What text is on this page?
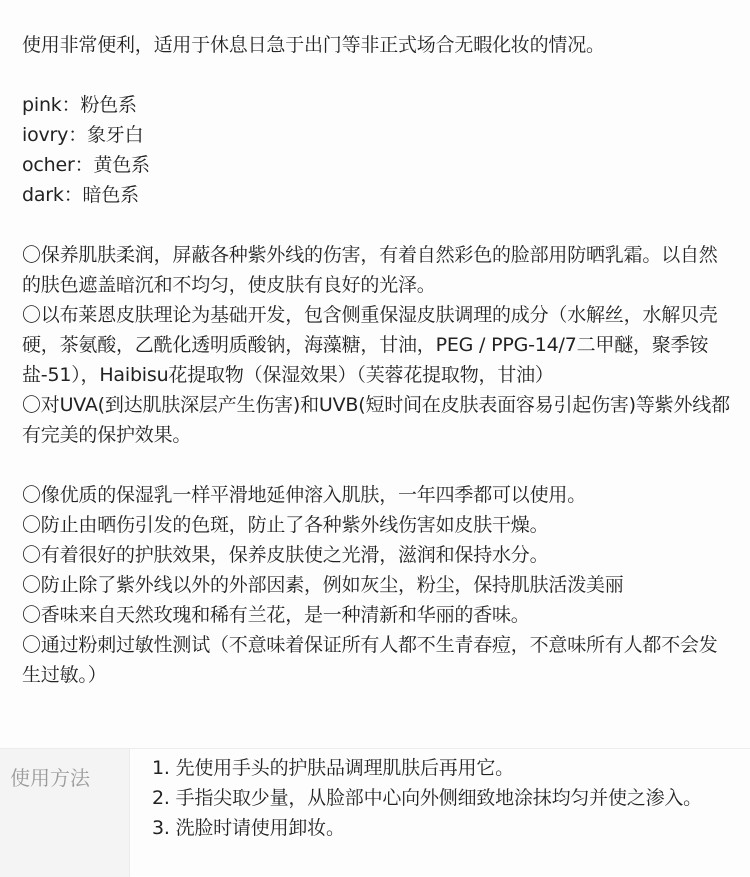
使用非常便利，适用于休息日急于出门等非正式场合无暇化妆的情况。

pink：粉色系

iovry：象牙白

ocher：黄色系

dark：暗色系

〇保养肌肤柔润，屏蔽各种紫外线的伤害，有着自然彩色的脸部用防晒乳霜。以自然的肤色遮盖暗沉和不均匀，使皮肤有良好的光泽。

〇以布莱恩皮肤理论为基础开发，包含侧重保湿皮肤调理的成分（水解丝，水解贝壳硬，茶氨酸，乙酰化透明质酸钠，海藻糖，甘油，PEG / PPG-14/7二甲醚，聚季铵盐-51），Haibisu花提取物（保湿效果）（芙蓉花提取物，甘油）

〇对UVA(到达肌肤深层产生伤害)和UVB(短时间在皮肤表面容易引起伤害)等紫外线都有完美的保护效果。

〇像优质的保湿乳一样平滑地延伸溶入肌肤，一年四季都可以使用。

〇防止由晒伤引发的色斑，防止了各种紫外线伤害如皮肤干燥。

〇有着很好的护肤效果，保养皮肤使之光滑，滋润和保持水分。

〇防止除了紫外线以外的外部因素，例如灰尘，粉尘，保持肌肤活泼美丽

〇香味来自天然玫瑰和稀有兰花，是一种清新和华丽的香味。

〇通过粉刺过敏性测试（不意味着保证所有人都不生青春痘，不意味所有人都不会发生过敏。）

使用方法	1. 先使用手头的护肤品调理肌肤后再用它。
2. 手指尖取少量，从脸部中心向外侧细致地涂抹均匀并使之渗入。
3. 洗脸时请使用卸妆。
